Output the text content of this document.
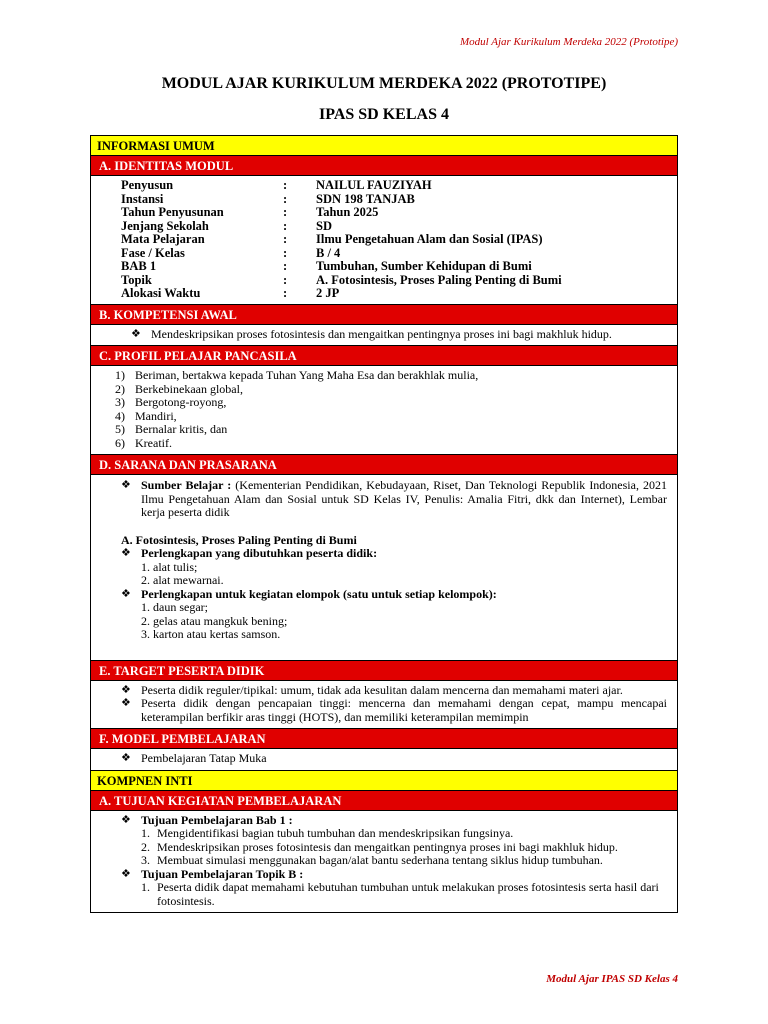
Modul Ajar Kurikulum Merdeka 2022 (Prototipe)
MODUL AJAR KURIKULUM MERDEKA 2022 (PROTOTIPE)
IPAS SD KELAS 4
INFORMASI UMUM
A. IDENTITAS MODUL
Penyusun	:	NAILUL FAUZIYAH
Instansi	:	SDN 198 TANJAB
Tahun Penyusunan	:	Tahun 2025
Jenjang Sekolah	:	SD
Mata Pelajaran	:	Ilmu Pengetahuan Alam dan Sosial (IPAS)
Fase / Kelas	:	B / 4
BAB 1	:	Tumbuhan, Sumber Kehidupan di Bumi
Topik	:	A. Fotosintesis, Proses Paling Penting di Bumi
Alokasi Waktu	:	2 JP
B. KOMPETENSI AWAL
❖ Mendeskripsikan proses fotosintesis dan mengaitkan pentingnya proses ini bagi makhluk hidup.
C. PROFIL PELAJAR PANCASILA
1) Beriman, bertakwa kepada Tuhan Yang Maha Esa dan berakhlak mulia,
2) Berkebinekaan global,
3) Bergotong-royong,
4) Mandiri,
5) Bernalar kritis, dan
6) Kreatif.
D. SARANA DAN PRASARANA
❖ Sumber Belajar : (Kementerian Pendidikan, Kebudayaan, Riset, Dan Teknologi Republik Indonesia, 2021 Ilmu Pengetahuan Alam dan Sosial untuk SD Kelas IV, Penulis: Amalia Fitri, dkk dan Internet), Lembar kerja peserta didik
A. Fotosintesis, Proses Paling Penting di Bumi
❖ Perlengkapan yang dibutuhkan peserta didik:
1. alat tulis;
2. alat mewarnai.
❖ Perlengkapan untuk kegiatan elompok (satu untuk setiap kelompok):
1. daun segar;
2. gelas atau mangkuk bening;
3. karton atau kertas samson.
E. TARGET PESERTA DIDIK
❖ Peserta didik reguler/tipikal: umum, tidak ada kesulitan dalam mencerna dan memahami materi ajar.
❖ Peserta didik dengan pencapaian tinggi: mencerna dan memahami dengan cepat, mampu mencapai keterampilan berfikir aras tinggi (HOTS), dan memiliki keterampilan memimpin
F. MODEL PEMBELAJARAN
❖ Pembelajaran Tatap Muka
KOMPNEN INTI
A. TUJUAN KEGIATAN PEMBELAJARAN
❖ Tujuan Pembelajaran Bab 1 :
1. Mengidentifikasi bagian tubuh tumbuhan dan mendeskripsikan fungsinya.
2. Mendeskripsikan proses fotosintesis dan mengaitkan pentingnya proses ini bagi makhluk hidup.
3. Membuat simulasi menggunakan bagan/alat bantu sederhana tentang siklus hidup tumbuhan.
❖ Tujuan Pembelajaran Topik B :
1. Peserta didik dapat memahami kebutuhan tumbuhan untuk melakukan proses fotosintesis serta hasil dari fotosintesis.
Modul Ajar IPAS SD Kelas 4
